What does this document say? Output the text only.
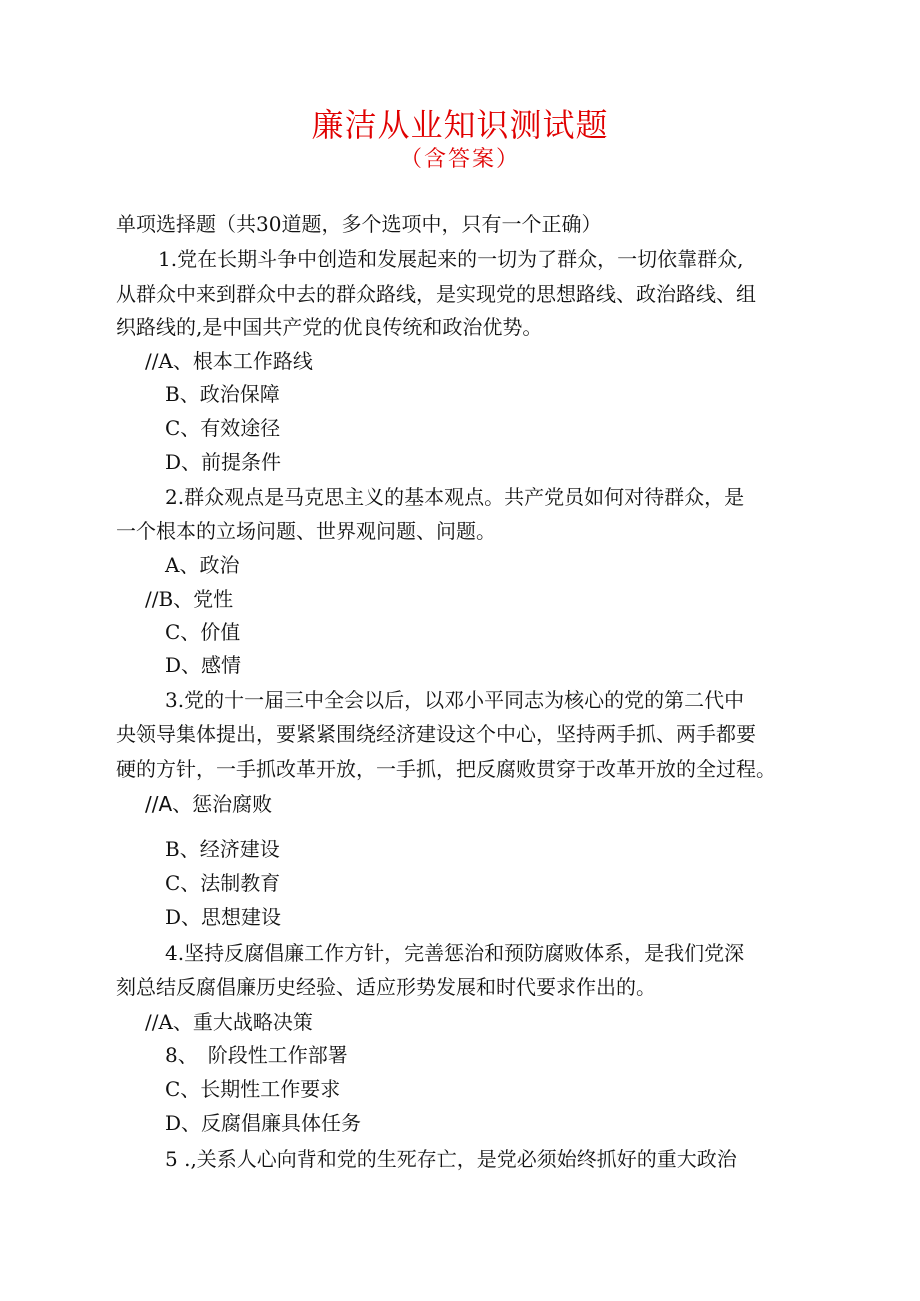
廉洁从业知识测试题
（含答案）
单项选择题（共30道题，多个选项中，只有一个正确）
1.党在长期斗争中创造和发展起来的一切为了群众，一切依靠群众,
从群众中来到群众中去的群众路线，是实现党的思想路线、政治路线、组
织路线的,是中国共产党的优良传统和政治优势。
//A、根本工作路线
B、政治保障
C、有效途径
D、前提条件
2.群众观点是马克思主义的基本观点。共产党员如何对待群众，是
一个根本的立场问题、世界观问题、问题。
A、政治
//B、党性
C、价值
D、感情
3.党的十一届三中全会以后，以邓小平同志为核心的党的第二代中
央领导集体提出，要紧紧围绕经济建设这个中心，坚持两手抓、两手都要
硬的方针，一手抓改革开放，一手抓，把反腐败贯穿于改革开放的全过程。
//A、惩治腐败
B、经济建设
C、法制教育
D、思想建设
4.坚持反腐倡廉工作方针，完善惩治和预防腐败体系，是我们党深
刻总结反腐倡廉历史经验、适应形势发展和时代要求作出的。
//A、重大战略决策
8、　阶段性工作部署
C、长期性工作要求
D、反腐倡廉具体任务
5 .,关系人心向背和党的生死存亡，是党必须始终抓好的重大政治
